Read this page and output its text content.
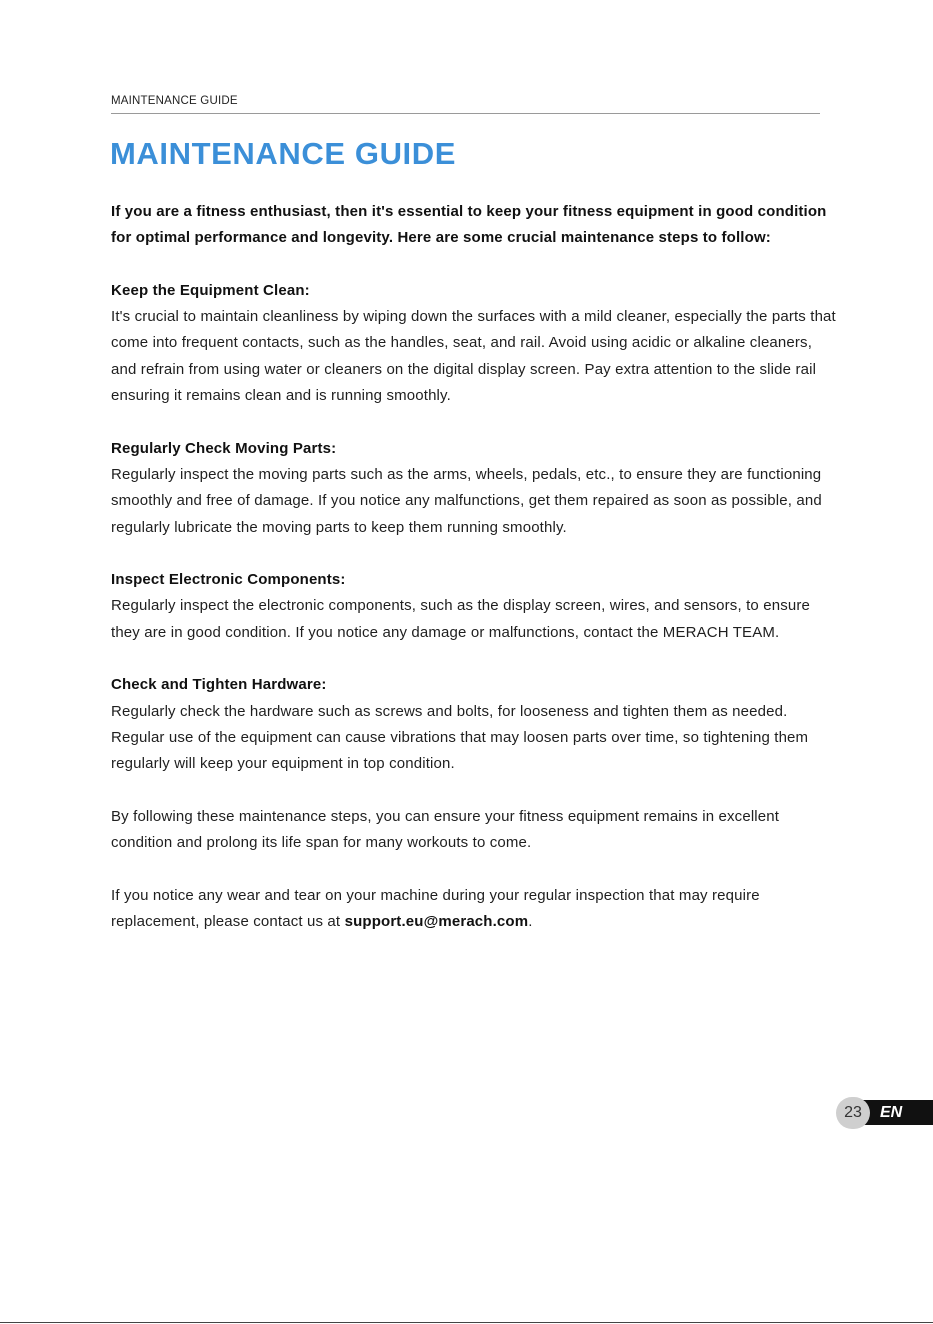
MAINTENANCE GUIDE
MAINTENANCE GUIDE

If you are a fitness enthusiast, then it's essential to keep your fitness equipment in good condition for optimal performance and longevity. Here are some crucial maintenance steps to follow:

Keep the Equipment Clean:
It's crucial to maintain cleanliness by wiping down the surfaces with a mild cleaner, especially the parts that come into frequent contacts, such as the handles, seat, and rail. Avoid using acidic or alkaline cleaners, and refrain from using water or cleaners on the digital display screen. Pay extra attention to the slide rail ensuring it remains clean and is running smoothly.

Regularly Check Moving Parts:
Regularly inspect the moving parts such as the arms, wheels, pedals, etc., to ensure they are functioning smoothly and free of damage. If you notice any malfunctions, get them repaired as soon as possible, and regularly lubricate the moving parts to keep them running smoothly.

Inspect Electronic Components:
Regularly inspect the electronic components, such as the display screen, wires, and sensors, to ensure they are in good condition. If you notice any damage or malfunctions, contact the MERACH TEAM.

Check and Tighten Hardware:
Regularly check the hardware such as screws and bolts, for looseness and tighten them as needed. Regular use of the equipment can cause vibrations that may loosen parts over time, so tightening them regularly will keep your equipment in top condition.

By following these maintenance steps, you can ensure your fitness equipment remains in excellent condition and prolong its life span for many workouts to come.

If you notice any wear and tear on your machine during your regular inspection that may require replacement, please contact us at support.eu@merach.com.

EN
23
